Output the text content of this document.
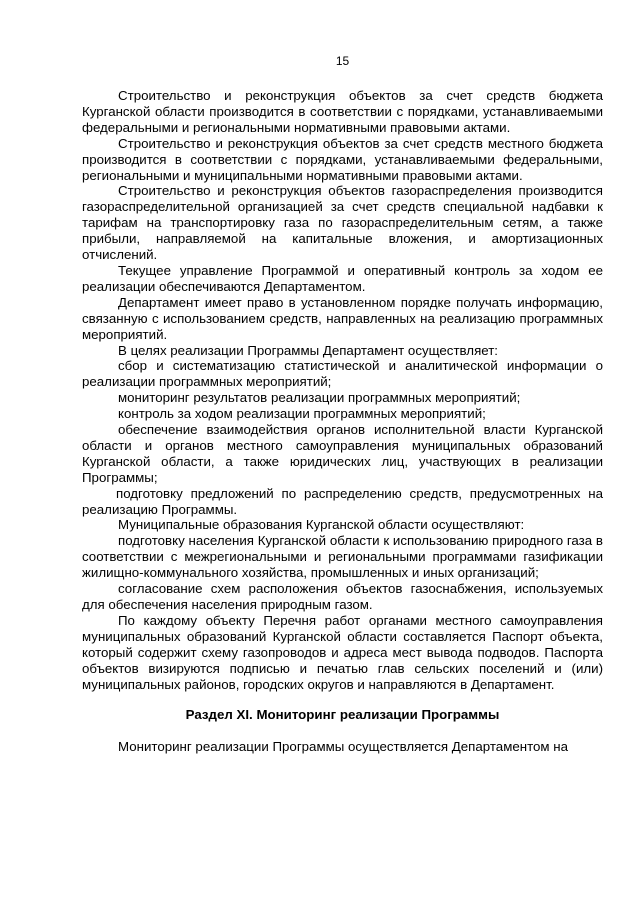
15

Строительство и реконструкция объектов за счет средств бюджета Курганской области производится в соответствии с порядками, устанавливаемыми федеральными и региональными нормативными правовыми актами.

Строительство и реконструкция объектов за счет средств местного бюджета производится в соответствии с порядками, устанавливаемыми федеральными, региональными и муниципальными нормативными правовыми актами.

Строительство и реконструкция объектов газораспределения производится газораспределительной организацией за счет средств специальной надбавки к тарифам на транспортировку газа по газораспределительным сетям, а также прибыли, направляемой на капитальные вложения, и амортизационных отчислений.

Текущее управление Программой и оперативный контроль за ходом ее реализации обеспечиваются Департаментом.

Департамент имеет право в установленном порядке получать информацию, связанную с использованием средств, направленных на реализацию программных мероприятий.

В целях реализации Программы Департамент осуществляет:

сбор и систематизацию статистической и аналитической информации о реализации программных мероприятий;

мониторинг результатов реализации программных мероприятий;

контроль за ходом реализации программных мероприятий;

обеспечение взаимодействия органов исполнительной власти Курганской области и органов местного самоуправления муниципальных образований Курганской области, а также юридических лиц, участвующих в реализации Программы;

подготовку предложений по распределению средств, предусмотренных на реализацию Программы.

Муниципальные образования Курганской области осуществляют:

подготовку населения Курганской области к использованию природного газа в соответствии с межрегиональными и региональными программами газификации жилищно-коммунального хозяйства, промышленных и иных организаций;

согласование схем расположения объектов газоснабжения, используемых для обеспечения населения природным газом.

По каждому объекту Перечня работ органами местного самоуправления муниципальных образований Курганской области составляется Паспорт объекта, который содержит схему газопроводов и адреса мест вывода подводов. Паспорта объектов визируются подписью и печатью глав сельских поселений и (или) муниципальных районов, городских округов и направляются в Департамент.

Раздел XI. Мониторинг реализации Программы

Мониторинг реализации Программы осуществляется Департаментом на
